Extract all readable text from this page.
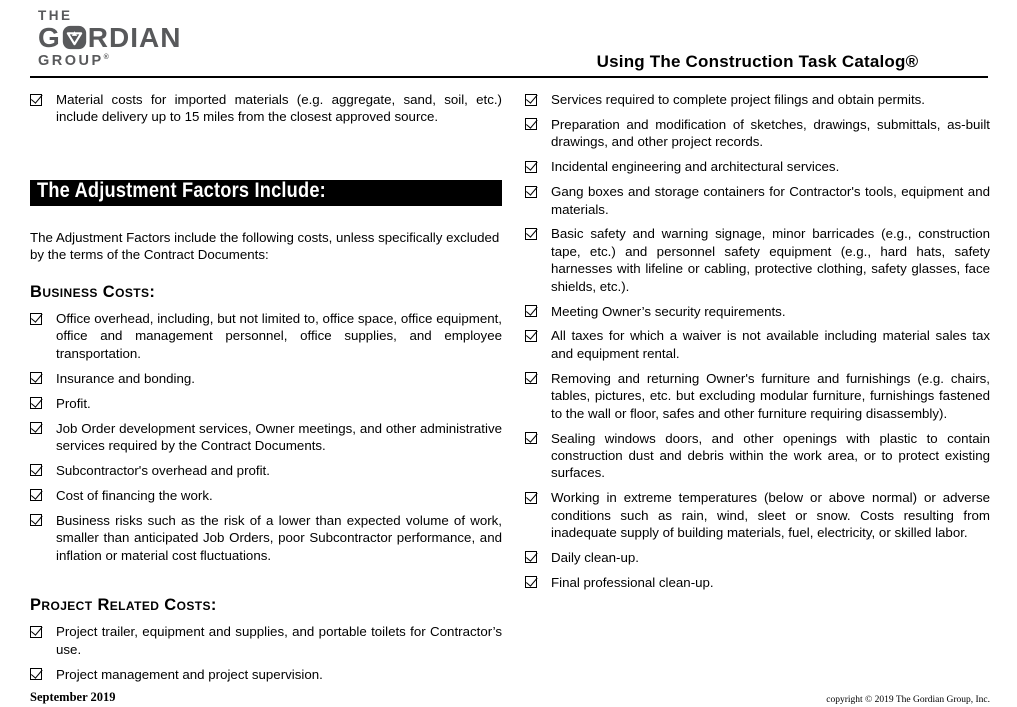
THE
G RDIAN
GROUP®	Using The Construction Task Catalog®
Material costs for imported materials (e.g. aggregate, sand, soil, etc.) include delivery up to 15 miles from the closest approved source.
The Adjustment Factors Include:

The Adjustment Factors include the following costs, unless specifically excluded by the terms of the Contract Documents:

Business Costs:
Office overhead, including, but not limited to, office space, office equipment, office and management personnel, office supplies, and employee transportation.
Insurance and bonding.
Profit.
Job Order development services, Owner meetings, and other administrative services required by the Contract Documents.
Subcontractor's overhead and profit.
Cost of financing the work.
Business risks such as the risk of a lower than expected volume of work, smaller than anticipated Job Orders, poor Subcontractor performance, and inflation or material cost fluctuations.
Project Related Costs:
Project trailer, equipment and supplies, and portable toilets for Contractor’s use.
Project management and project supervision.
Services required to complete project filings and obtain permits.
Preparation and modification of sketches, drawings, submittals, as-built drawings, and other project records.
Incidental engineering and architectural services.
Gang boxes and storage containers for Contractor's tools, equipment and materials.
Basic safety and warning signage, minor barricades (e.g., construction tape, etc.) and personnel safety equipment (e.g., hard hats, safety harnesses with lifeline or cabling, protective clothing, safety glasses, face shields, etc.).
Meeting Owner’s security requirements.
All taxes for which a waiver is not available including material sales tax and equipment rental.
Removing and returning Owner's furniture and furnishings (e.g. chairs, tables, pictures, etc. but excluding modular furniture, furnishings fastened to the wall or floor, safes and other furniture requiring disassembly).
Sealing windows doors, and other openings with plastic to contain construction dust and debris within the work area, or to protect existing surfaces.
Working in extreme temperatures (below or above normal) or adverse conditions such as rain, wind, sleet or snow. Costs resulting from inadequate supply of building materials, fuel, electricity, or skilled labor.
Daily clean-up.
Final professional clean-up.
September 2019	copyright © 2019 The Gordian Group, Inc.
